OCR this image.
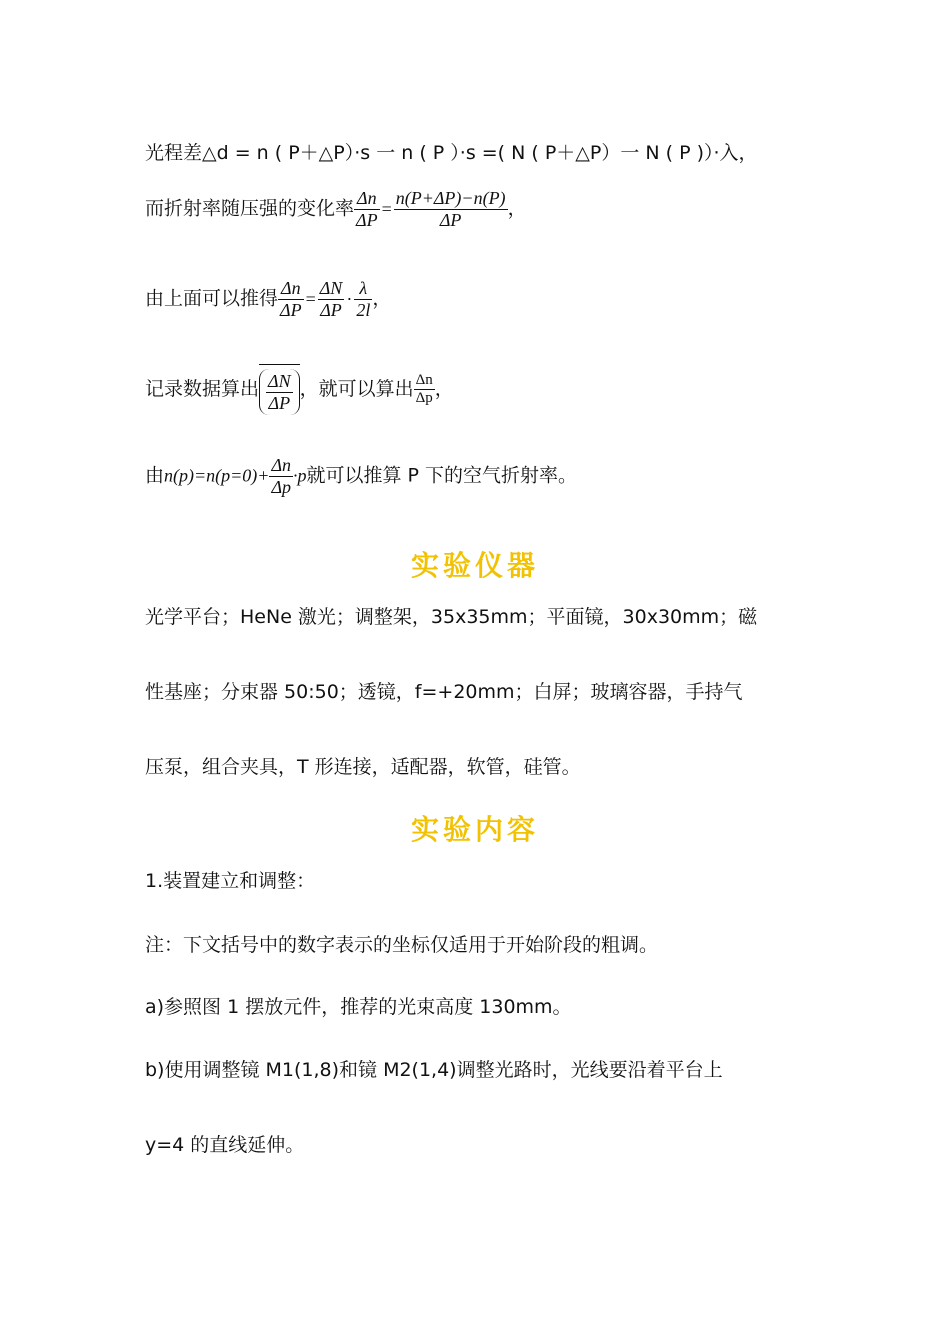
光程差△d = n ( P＋△P）·s 一 n ( P ）·s =( N ( P＋△P）一 N ( P )）·入，
而折射率随压强的变化率 $\frac{\Delta n}{\Delta P} = \frac{n(P+\Delta P)-n(P)}{\Delta P}$ ，
由上面可以推得 $\frac{\Delta n}{\Delta P} = \frac{\Delta N}{\Delta P} \cdot \frac{\lambda}{2l}$ ，
记录数据算出 $\frac{\Delta N}{\Delta P}$ ，就可以算出 $\frac{\Delta n}{\Delta p}$ ，
由$n(p)=n(p=0)+ \frac{\Delta n}{\Delta p} \cdot p$就可以推算 P 下的空气折射率。
实验仪器
光学平台；HeNe 激光；调整架，35x35mm；平面镜，30x30mm；磁
性基座；分束器 50:50；透镜，f=+20mm；白屏；玻璃容器，手持气
压泵，组合夹具，T 形连接，适配器，软管，硅管。
实验内容
1.装置建立和调整：
注：下文括号中的数字表示的坐标仅适用于开始阶段的粗调。
a)参照图 1 摆放元件，推荐的光束高度 130mm。
b)使用调整镜 M1(1,8)和镜 M2(1,4)调整光路时，光线要沿着平台上
y=4 的直线延伸。
